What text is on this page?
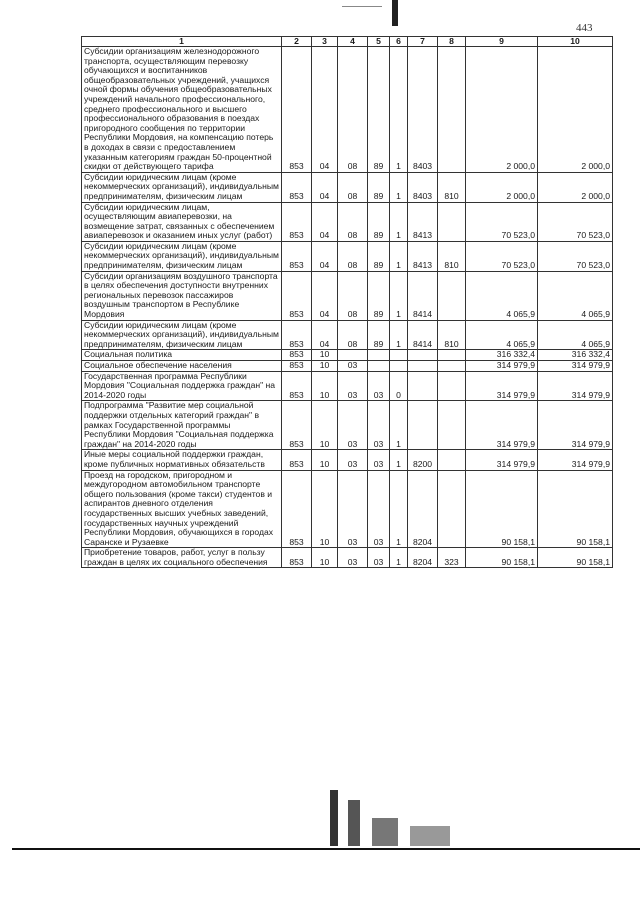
443
1	2	3	4	5	6	7	8	9	10
Субсидии организациям железнодорожного транспорта, осуществляющим перевозку обучающихся и воспитанников общеобразовательных учреждений, учащихся очной формы обучения общеобразовательных учреждений начального профессионального, среднего профессионального и высшего профессионального образования в поездах пригородного сообщения по территории Республики Мордовия, на компенсацию потерь в доходах в связи с предоставлением указанным категориям граждан 50-процентной скидки от действующего тарифа	853	04	08	89	1	8403		2 000,0	2 000,0
Субсидии юридическим лицам (кроме некоммерческих организаций), индивидуальным предпринимателям, физическим лицам	853	04	08	89	1	8403	810	2 000,0	2 000,0
Субсидии юридическим лицам, осуществляющим авиаперевозки, на возмещение затрат, связанных с обеспечением авиаперевозок и оказанием иных услуг (работ)	853	04	08	89	1	8413		70 523,0	70 523,0
Субсидии юридическим лицам (кроме некоммерческих организаций), индивидуальным предпринимателям, физическим лицам	853	04	08	89	1	8413	810	70 523,0	70 523,0
Субсидии организациям воздушного транспорта в целях обеспечения доступности внутренних региональных перевозок пассажиров воздушным транспортом в Республике Мордовия	853	04	08	89	1	8414		4 065,9	4 065,9
Субсидии юридическим лицам (кроме некоммерческих организаций), индивидуальным предпринимателям, физическим лицам	853	04	08	89	1	8414	810	4 065,9	4 065,9
Социальная политика	853	10						316 332,4	316 332,4
Социальное обеспечение населения	853	10	03					314 979,9	314 979,9
Государственная программа Республики Мордовия "Социальная поддержка граждан" на 2014-2020 годы	853	10	03	03	0			314 979,9	314 979,9
Подпрограмма "Развитие мер социальной поддержки отдельных категорий граждан" в рамках Государственной программы Республики Мордовия "Социальная поддержка граждан" на 2014-2020 годы	853	10	03	03	1			314 979,9	314 979,9
Иные меры социальной поддержки граждан, кроме публичных нормативных обязательств	853	10	03	03	1	8200		314 979,9	314 979,9
Проезд на городском, пригородном и междугородном автомобильном транспорте общего пользования (кроме такси) студентов и аспирантов дневного отделения государственных высших учебных заведений, государственных научных учреждений Республики Мордовия, обучающихся в городах Саранске и Рузаевке	853	10	03	03	1	8204		90 158,1	90 158,1
Приобретение товаров, работ, услуг в пользу граждан в целях их социального обеспечения	853	10	03	03	1	8204	323	90 158,1	90 158,1
